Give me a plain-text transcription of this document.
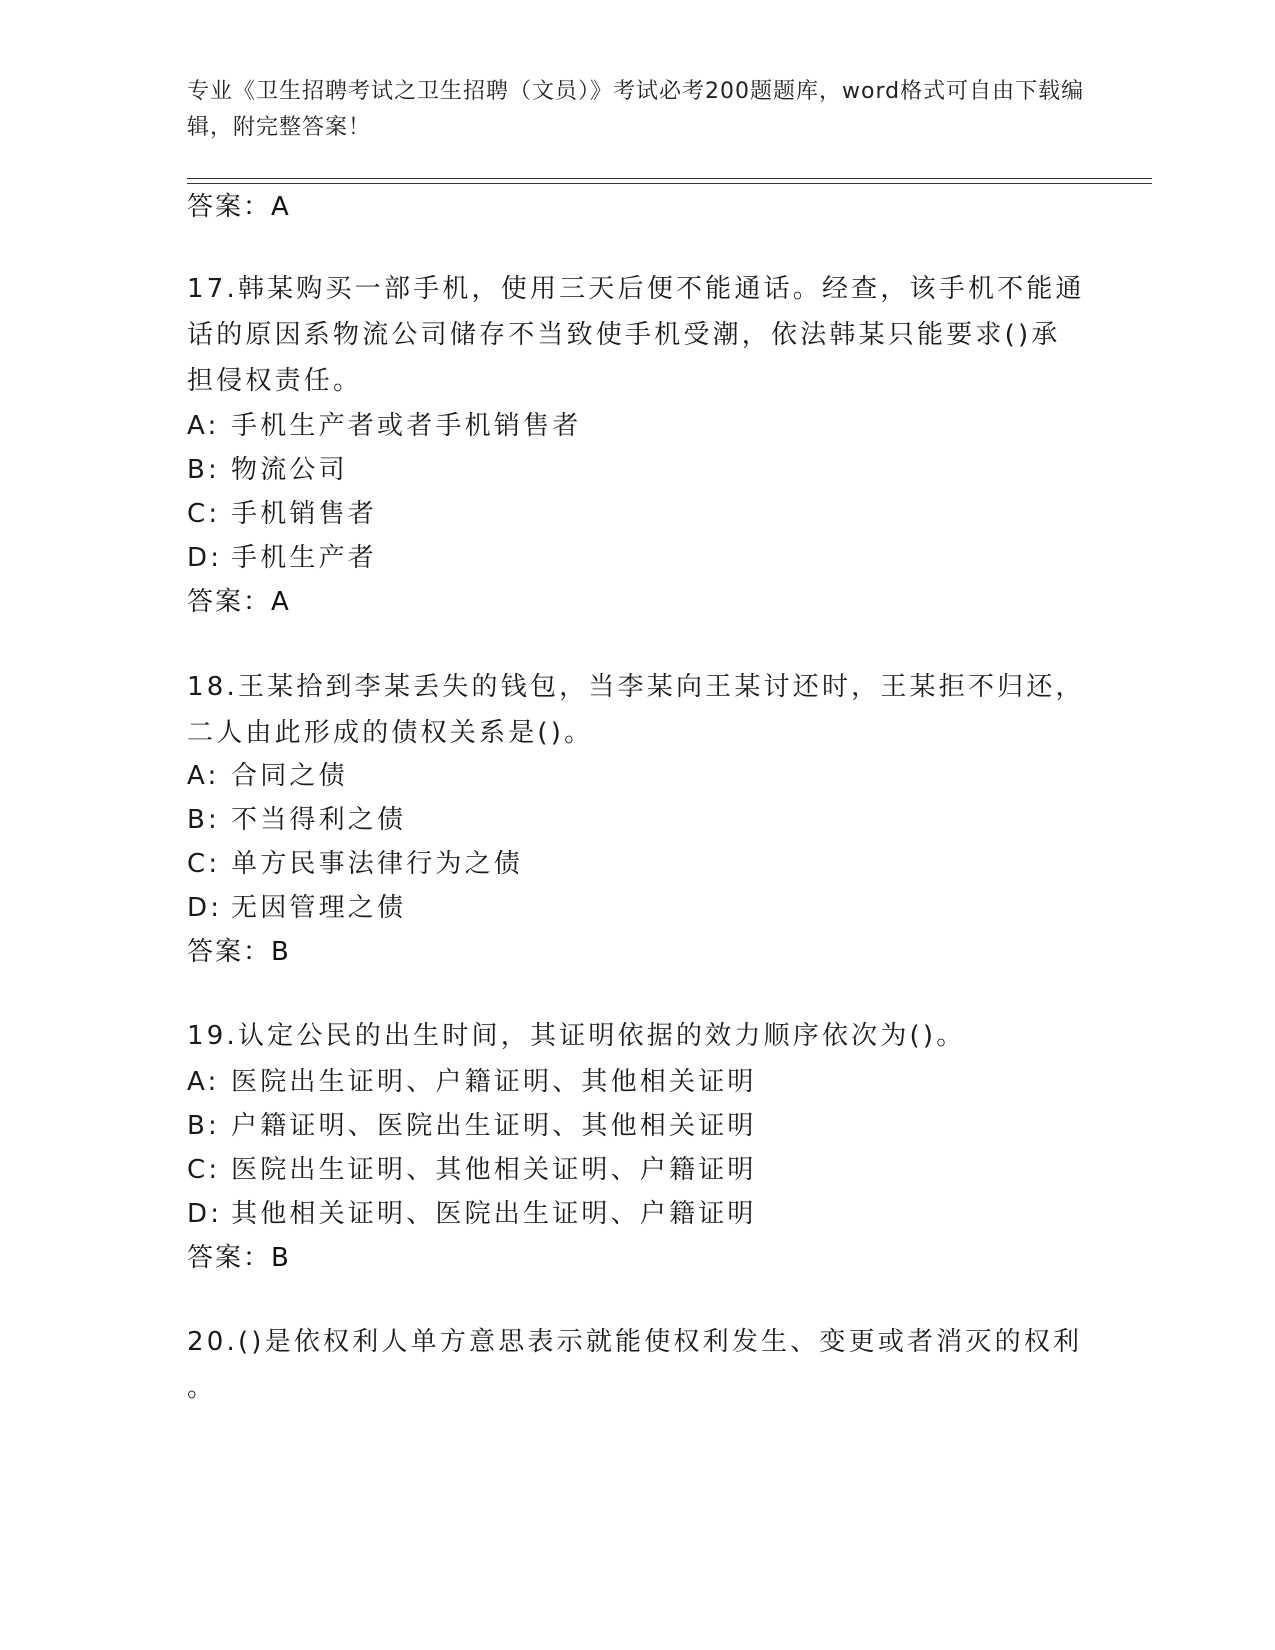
专业《卫生招聘考试之卫生招聘（文员）》考试必考200题题库，word格式可自由下载编辑，附完整答案！
答案：A
17.韩某购买一部手机，使用三天后便不能通话。经查，该手机不能通
话的原因系物流公司储存不当致使手机受潮，依法韩某只能要求()承
担侵权责任。
A: 手机生产者或者手机销售者
B: 物流公司
C: 手机销售者
D: 手机生产者
答案：A
18.王某拾到李某丢失的钱包，当李某向王某讨还时，王某拒不归还，
二人由此形成的债权关系是()。
A: 合同之债
B: 不当得利之债
C: 单方民事法律行为之债
D: 无因管理之债
答案：B
19.认定公民的出生时间，其证明依据的效力顺序依次为()。
A: 医院出生证明、户籍证明、其他相关证明
B: 户籍证明、医院出生证明、其他相关证明
C: 医院出生证明、其他相关证明、户籍证明
D: 其他相关证明、医院出生证明、户籍证明
答案：B
20.()是依权利人单方意思表示就能使权利发生、变更或者消灭的权利
。
